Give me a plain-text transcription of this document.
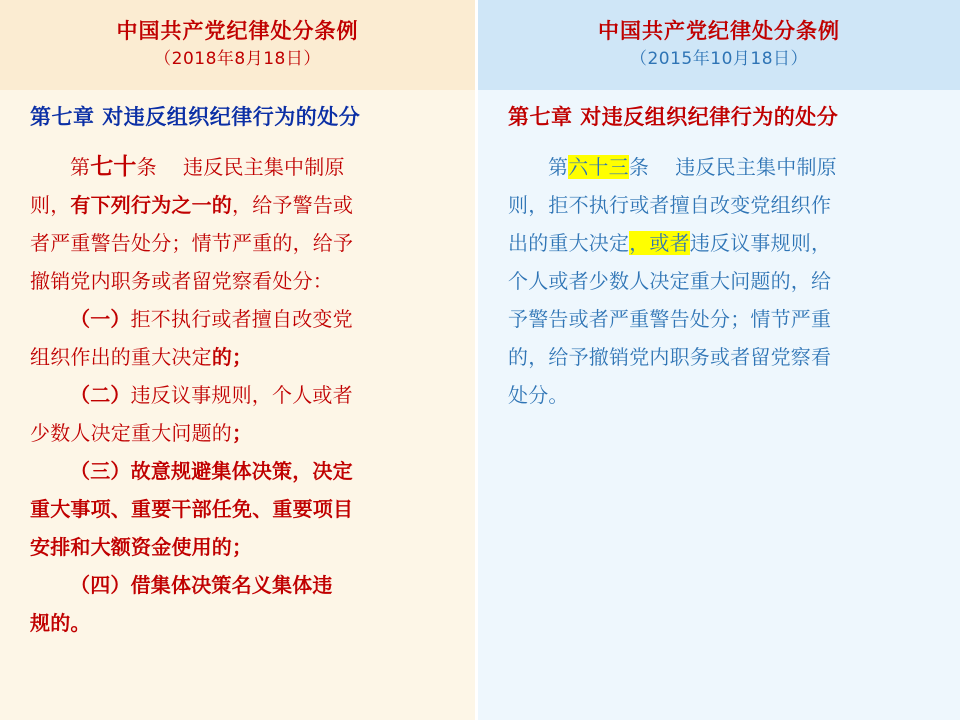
中国共产党纪律处分条例
（2018年8月18日）
第七章 对违反组织纪律行为的处分
第七十条 违反民主集中制原
则，有下列行为之一的，给予警告或
者严重警告处分；情节严重的，给予
撤销党内职务或者留党察看处分：
（一）拒不执行或者擅自改变党
组织作出的重大决定的；
（二）违反议事规则，个人或者
少数人决定重大问题的；
（三）故意规避集体决策，决定
重大事项、重要干部任免、重要项目
安排和大额资金使用的；
（四）借集体决策名义集体违
规的。
中国共产党纪律处分条例
（2015年10月18日）
第七章 对违反组织纪律行为的处分
第六十三条 违反民主集中制原
则，拒不执行或者擅自改变党组织作
出的重大决定，或者违反议事规则，
个人或者少数人决定重大问题的，给
予警告或者严重警告处分；情节严重
的，给予撤销党内职务或者留党察看
处分。
